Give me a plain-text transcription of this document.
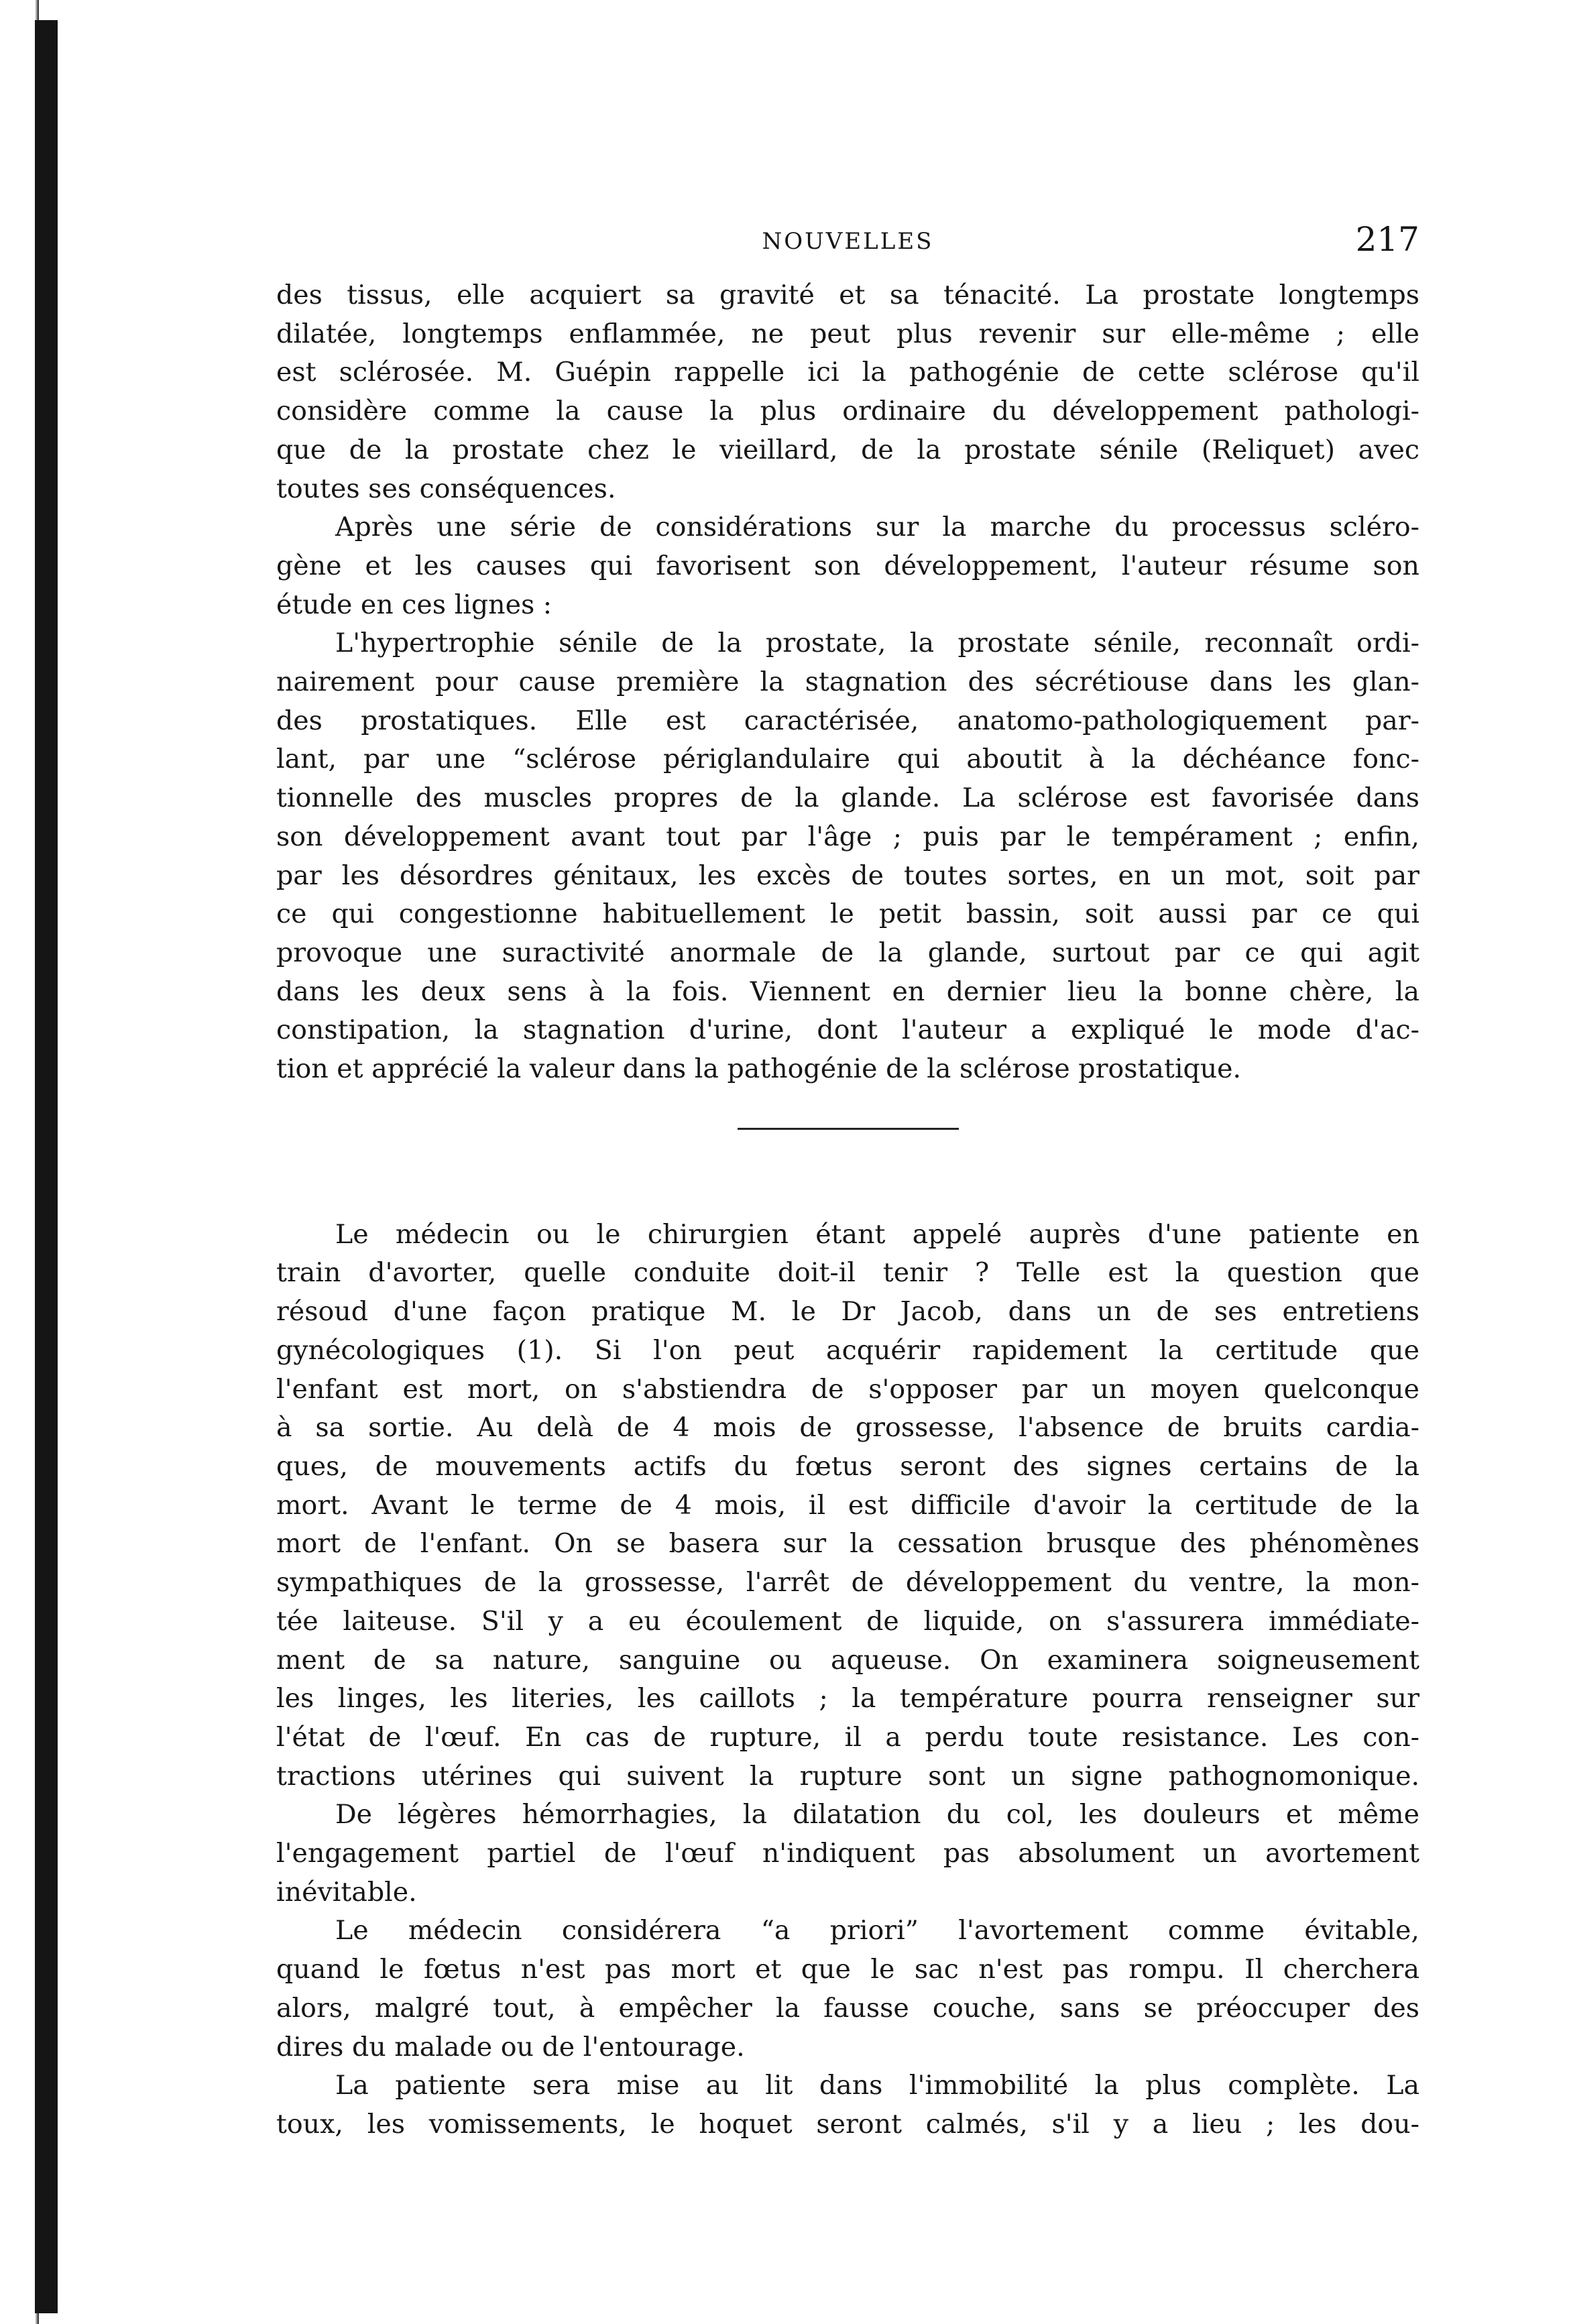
NOUVELLES	217
des tissus, elle acquiert sa gravité et sa ténacité. La prostate longtemps
dilatée, longtemps enflammée, ne peut plus revenir sur elle-même ; elle
est sclérosée. M. Guépin rappelle ici la pathogénie de cette sclérose qu'il
considère comme la cause la plus ordinaire du développement pathologi-
que de la prostate chez le vieillard, de la prostate sénile (Reliquet) avec
toutes ses conséquences.
Après une série de considérations sur la marche du processus scléro-
gène et les causes qui favorisent son développement, l'auteur résume son
étude en ces lignes :
L'hypertrophie sénile de la prostate, la prostate sénile, reconnaît ordi-
nairement pour cause première la stagnation des sécrétiouse dans les glan-
des prostatiques. Elle est caractérisée, anatomo-pathologiquement par-
lant, par une “sclérose périglandulaire qui aboutit à la déchéance fonc-
tionnelle des muscles propres de la glande. La sclérose est favorisée dans
son développement avant tout par l'âge ; puis par le tempérament ; enfin,
par les désordres génitaux, les excès de toutes sortes, en un mot, soit par
ce qui congestionne habituellement le petit bassin, soit aussi par ce qui
provoque une suractivité anormale de la glande, surtout par ce qui agit
dans les deux sens à la fois. Viennent en dernier lieu la bonne chère, la
constipation, la stagnation d'urine, dont l'auteur a expliqué le mode d'ac-
tion et apprécié la valeur dans la pathogénie de la sclérose prostatique.
Le médecin ou le chirurgien étant appelé auprès d'une patiente en
train d'avorter, quelle conduite doit-il tenir ? Telle est la question que
résoud d'une façon pratique M. le Dr Jacob, dans un de ses entretiens
gynécologiques (1). Si l'on peut acquérir rapidement la certitude que
l'enfant est mort, on s'abstiendra de s'opposer par un moyen quelconque
à sa sortie. Au delà de 4 mois de grossesse, l'absence de bruits cardia-
ques, de mouvements actifs du fœtus seront des signes certains de la
mort. Avant le terme de 4 mois, il est difficile d'avoir la certitude de la
mort de l'enfant. On se basera sur la cessation brusque des phénomènes
sympathiques de la grossesse, l'arrêt de développement du ventre, la mon-
tée laiteuse. S'il y a eu écoulement de liquide, on s'assurera immédiate-
ment de sa nature, sanguine ou aqueuse. On examinera soigneusement
les linges, les literies, les caillots ; la température pourra renseigner sur
l'état de l'œuf. En cas de rupture, il a perdu toute resistance. Les con-
tractions utérines qui suivent la rupture sont un signe pathognomonique.
De légères hémorrhagies, la dilatation du col, les douleurs et même
l'engagement partiel de l'œuf n'indiquent pas absolument un avortement
inévitable.
Le médecin considérera “a priori” l'avortement comme évitable,
quand le fœtus n'est pas mort et que le sac n'est pas rompu. Il cherchera
alors, malgré tout, à empêcher la fausse couche, sans se préoccuper des
dires du malade ou de l'entourage.
La patiente sera mise au lit dans l'immobilité la plus complète. La
toux, les vomissements, le hoquet seront calmés, s'il y a lieu ; les dou-
